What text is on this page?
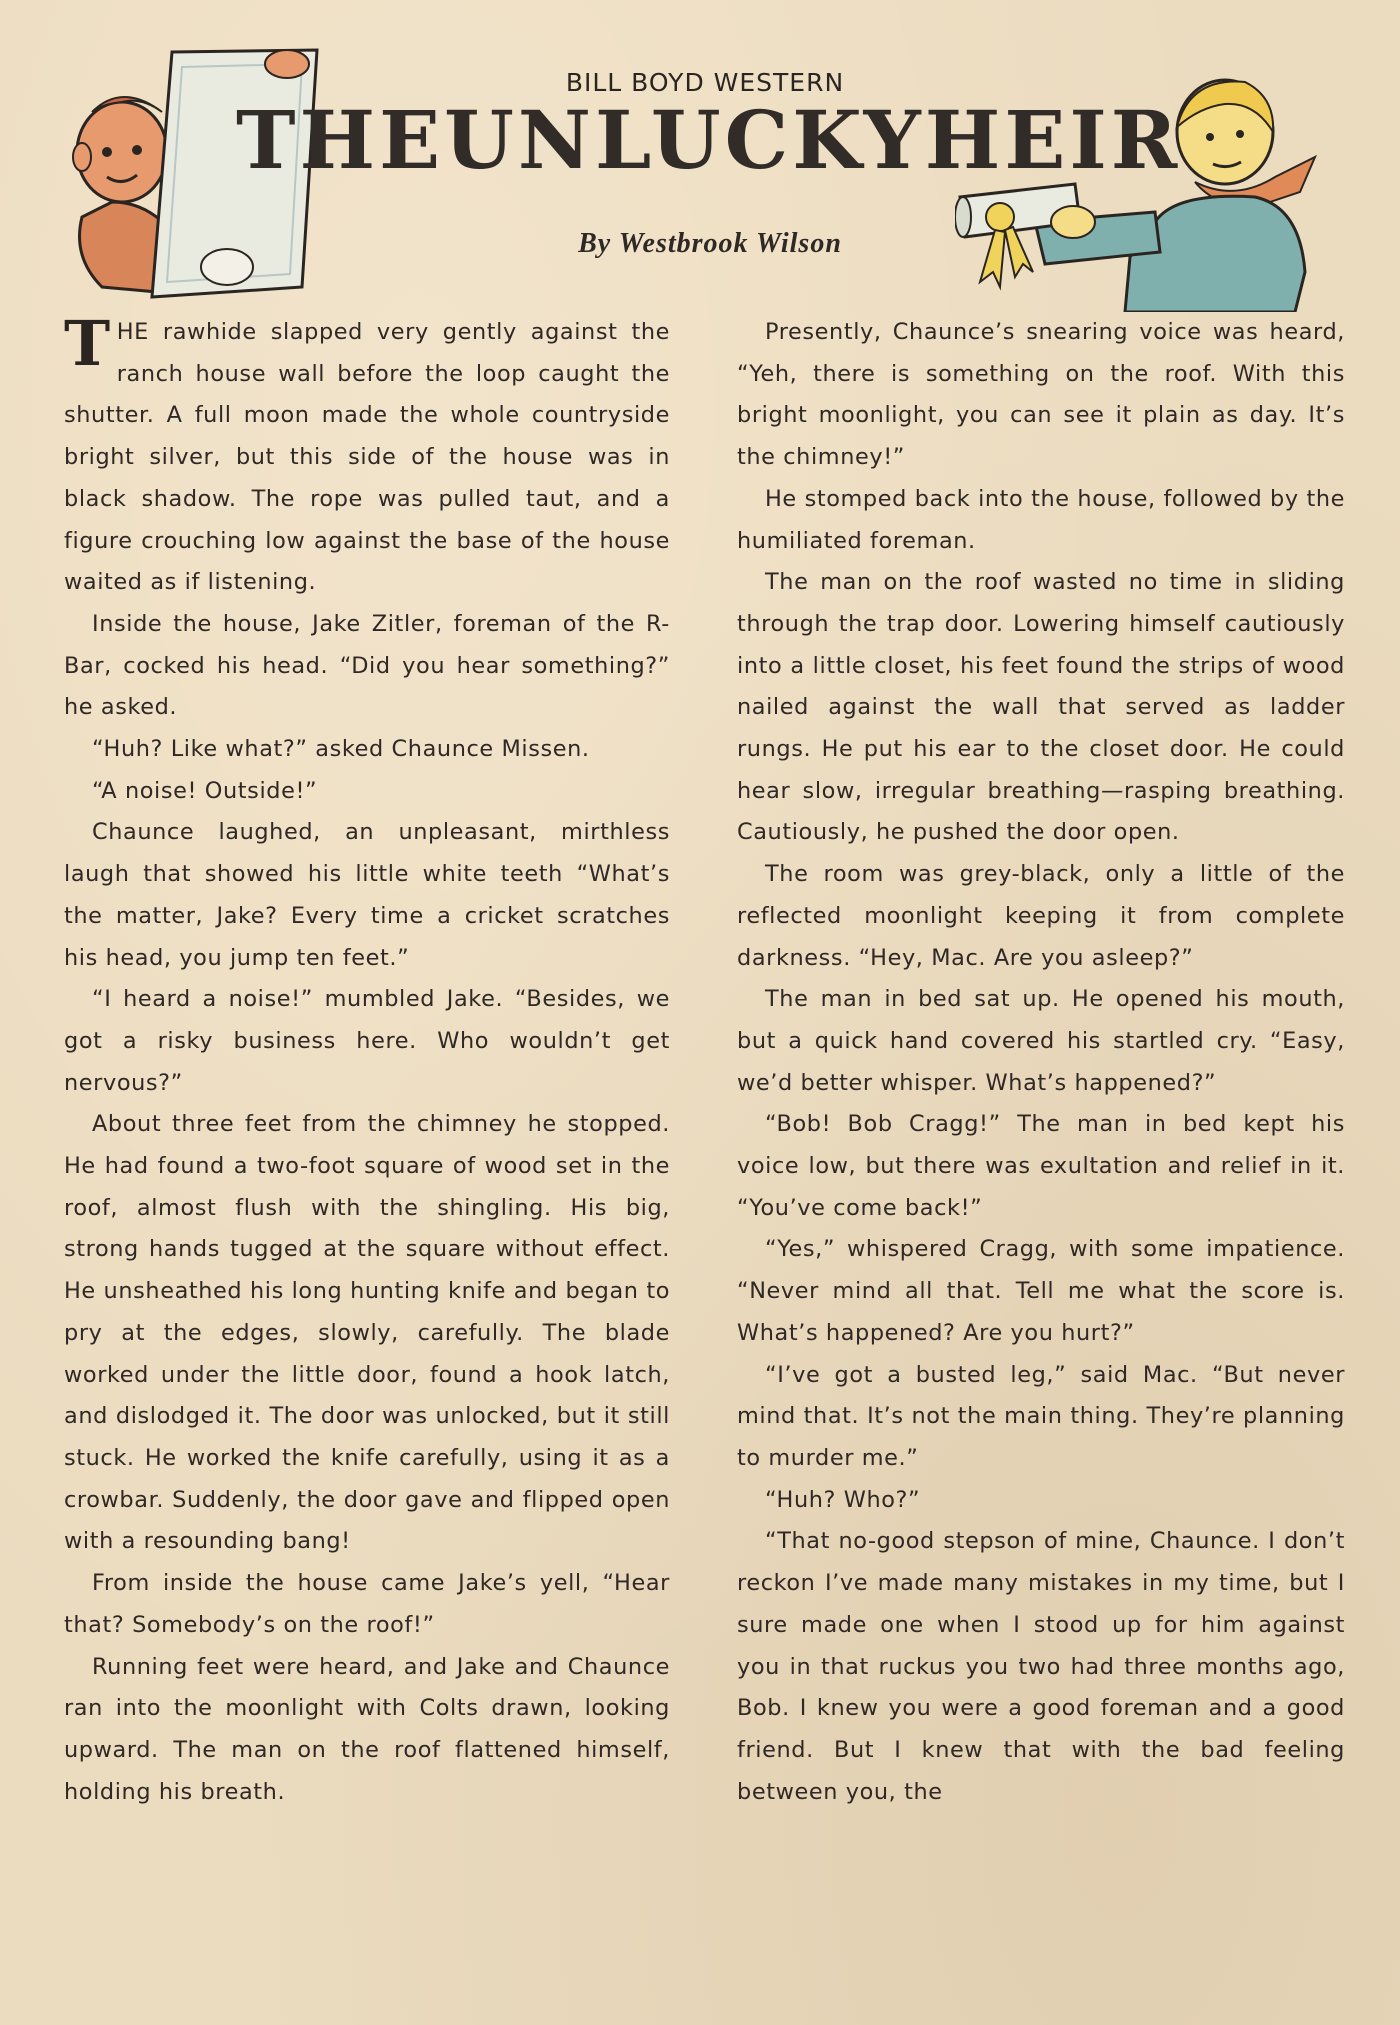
BILL BOYD WESTERN
THE UNLUCKY HEIR
By Westbrook Wilson

THE rawhide slapped very gently against the ranch house wall before the loop caught the shutter. A full moon made the whole countryside bright silver, but this side of the house was in black shadow. The rope was pulled taut, and a figure crouching low against the base of the house waited as if listening.

Inside the house, Jake Zitler, foreman of the R-Bar, cocked his head. “Did you hear something?” he asked.

“Huh? Like what?” asked Chaunce Missen.

“A noise! Outside!”

Chaunce laughed, an unpleasant, mirthless laugh that showed his little white teeth “What’s the matter, Jake? Every time a cricket scratches his head, you jump ten feet.”

“I heard a noise!” mumbled Jake. “Besides, we got a risky business here. Who wouldn’t get nervous?”

About three feet from the chimney he stopped. He had found a two-foot square of wood set in the roof, almost flush with the shingling. His big, strong hands tugged at the square without effect. He unsheathed his long hunting knife and began to pry at the edges, slowly, carefully. The blade worked under the little door, found a hook latch, and dislodged it. The door was unlocked, but it still stuck. He worked the knife carefully, using it as a crowbar. Suddenly, the door gave and flipped open with a resounding bang!

From inside the house came Jake’s yell, “Hear that? Somebody’s on the roof!”

Running feet were heard, and Jake and Chaunce ran into the moonlight with Colts drawn, looking upward. The man on the roof flattened himself, holding his breath.

Presently, Chaunce’s snearing voice was heard, “Yeh, there is something on the roof. With this bright moonlight, you can see it plain as day. It’s the chimney!”

He stomped back into the house, followed by the humiliated foreman.

The man on the roof wasted no time in sliding through the trap door. Lowering himself cautiously into a little closet, his feet found the strips of wood nailed against the wall that served as ladder rungs. He put his ear to the closet door. He could hear slow, irregular breathing—rasping breathing. Cautiously, he pushed the door open.

The room was grey-black, only a little of the reflected moonlight keeping it from complete darkness. “Hey, Mac. Are you asleep?”

The man in bed sat up. He opened his mouth, but a quick hand covered his startled cry. “Easy, we’d better whisper. What’s happened?”

“Bob! Bob Cragg!” The man in bed kept his voice low, but there was exultation and relief in it. “You’ve come back!”

“Yes,” whispered Cragg, with some impatience. “Never mind all that. Tell me what the score is. What’s happened? Are you hurt?”

“I’ve got a busted leg,” said Mac. “But never mind that. It’s not the main thing. They’re planning to murder me.”

“Huh? Who?”

“That no-good stepson of mine, Chaunce. I don’t reckon I’ve made many mistakes in my time, but I sure made one when I stood up for him against you in that ruckus you two had three months ago, Bob. I knew you were a good foreman and a good friend. But I knew that with the bad feeling between you, the
